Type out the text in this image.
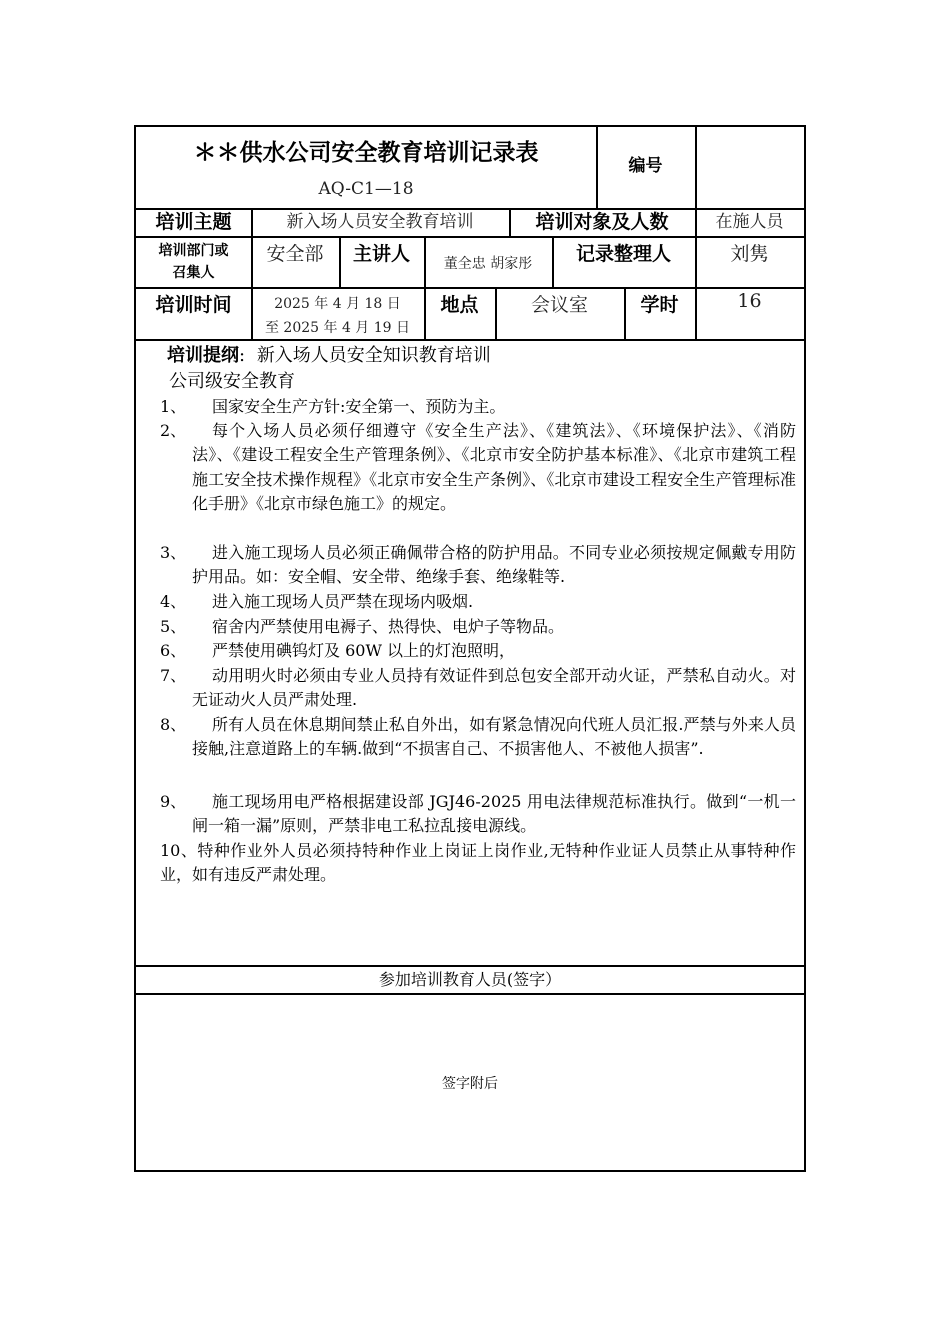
＊＊供水公司安全教育培训记录表
AQ-C1—18
编号
培训主题	新入场人员安全教育培训	培训对象及人数	在施人员
培训部门或
召集人
安全部	主讲人	董全忠 胡家彤	记录整理人	刘隽
培训时间	2025 年 4 月 18 日
至 2025 年 4 月 19 日
地点	会议室	学时	16
培训提纲: 新入场人员安全知识教育培训
公司级安全教育
1、	国家安全生产方针:安全第一、预防为主。
2、	每个入场人员必须仔细遵守《安全生产法》、《建筑法》、《环境保护法》、《消防法》、《建设工程安全生产管理条例》、《北京市安全防护基本标准》、《北京市建筑工程施工安全技术操作规程》《北京市安全生产条例》、《北京市建设工程安全生产管理标准化手册》《北京市绿色施工》的规定。
3、	进入施工现场人员必须正确佩带合格的防护用品。不同专业必须按规定佩戴专用防护用品。如：安全帽、安全带、绝缘手套、绝缘鞋等.
4、	进入施工现场人员严禁在现场内吸烟.
5、	宿舍内严禁使用电褥子、热得快、电炉子等物品。
6、	严禁使用碘钨灯及 60W 以上的灯泡照明，
7、	动用明火时必须由专业人员持有效证件到总包安全部开动火证，严禁私自动火。对无证动火人员严肃处理.
8、	所有人员在休息期间禁止私自外出，如有紧急情况向代班人员汇报.严禁与外来人员接触,注意道路上的车辆.做到“不损害自己、不损害他人、不被他人损害”.
9、	施工现场用电严格根据建设部 JGJ46-2025 用电法律规范标准执行。做到“一机一闸一箱一漏”原则，严禁非电工私拉乱接电源线。
10、特种作业外人员必须持特种作业上岗证上岗作业,无特种作业证人员禁止从事特种作业，如有违反严肃处理。
参加培训教育人员(签字）
签字附后
